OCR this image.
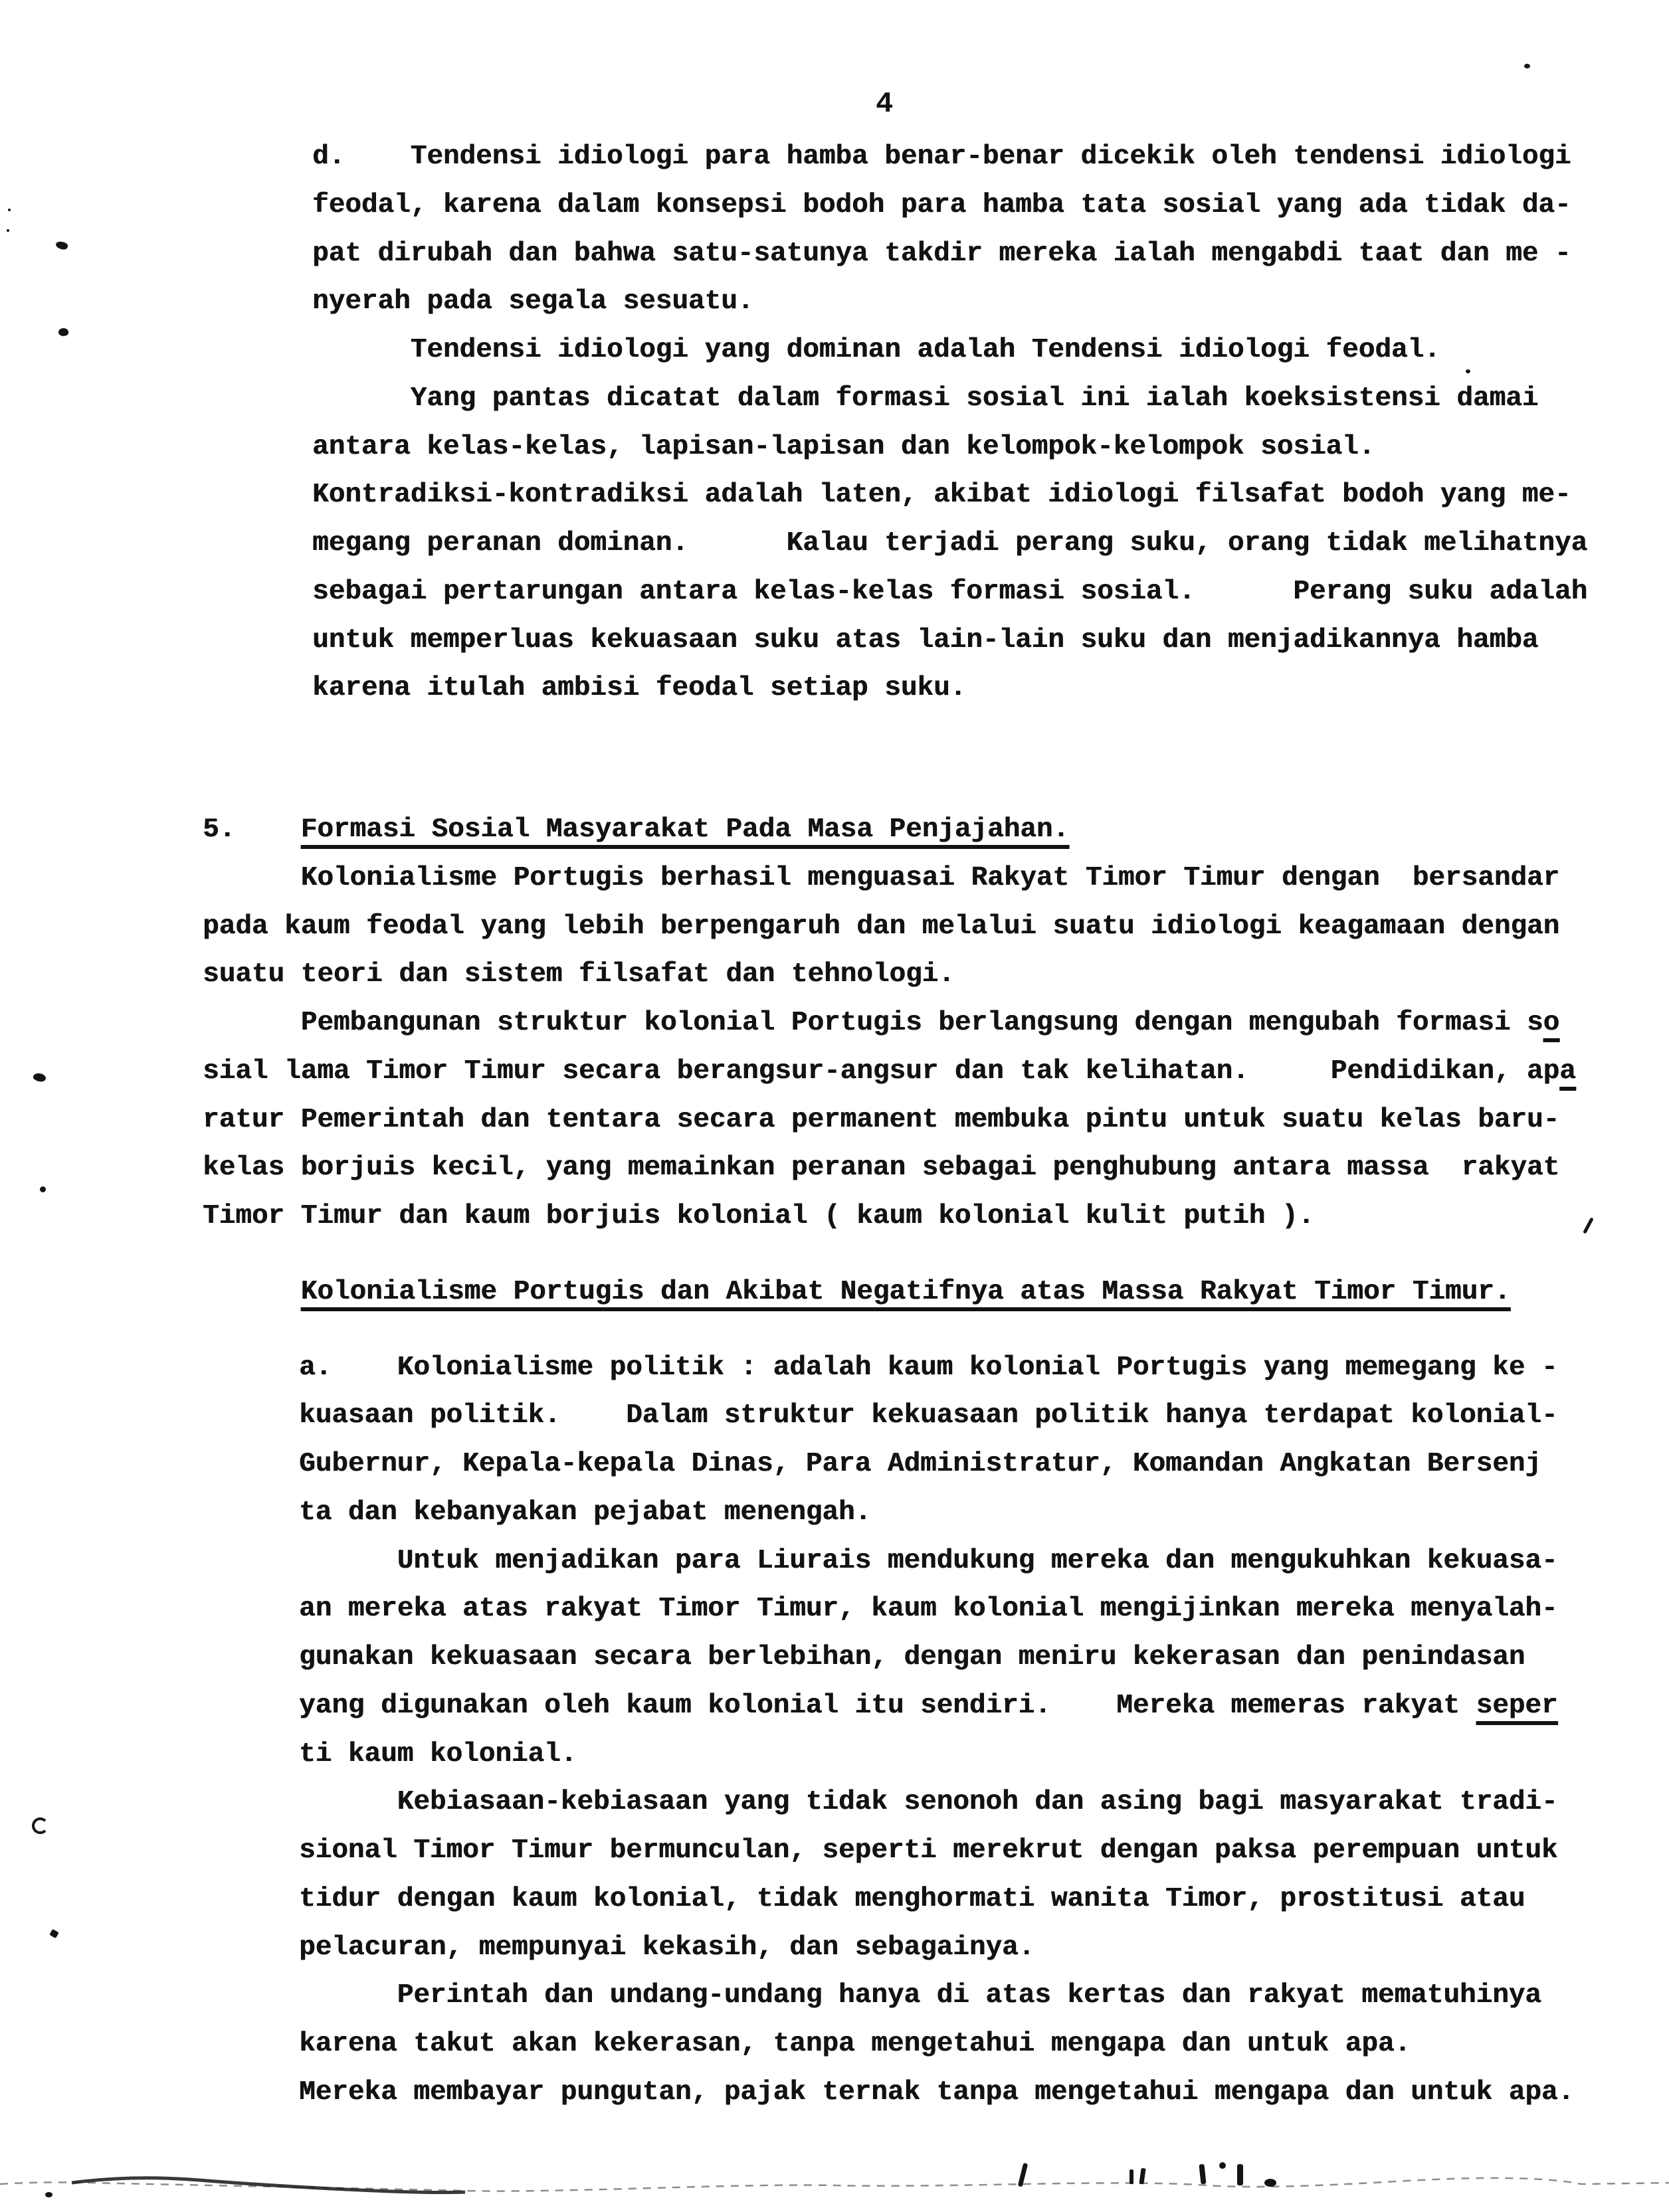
4
d.    Tendensi idiologi para hamba benar-benar dicekik oleh tendensi idiologi
feodal, karena dalam konsepsi bodoh para hamba tata sosial yang ada tidak da-
pat dirubah dan bahwa satu-satunya takdir mereka ialah mengabdi taat dan me -
nyerah pada segala sesuatu.
Tendensi idiologi yang dominan adalah Tendensi idiologi feodal.
Yang pantas dicatat dalam formasi sosial ini ialah koeksistensi damai
antara kelas-kelas, lapisan-lapisan dan kelompok-kelompok sosial.
Kontradiksi-kontradiksi adalah laten, akibat idiologi filsafat bodoh yang me-
megang peranan dominan.      Kalau terjadi perang suku, orang tidak melihatnya
sebagai pertarungan antara kelas-kelas formasi sosial.      Perang suku adalah
untuk memperluas kekuasaan suku atas lain-lain suku dan menjadikannya hamba
karena itulah ambisi feodal setiap suku.
5.    Formasi Sosial Masyarakat Pada Masa Penjajahan.
Kolonialisme Portugis berhasil menguasai Rakyat Timor Timur dengan  bersandar
pada kaum feodal yang lebih berpengaruh dan melalui suatu idiologi keagamaan dengan
suatu teori dan sistem filsafat dan tehnologi.
Pembangunan struktur kolonial Portugis berlangsung dengan mengubah formasi so
sial lama Timor Timur secara berangsur-angsur dan tak kelihatan.     Pendidikan, apa
ratur Pemerintah dan tentara secara permanent membuka pintu untuk suatu kelas baru-
kelas borjuis kecil, yang memainkan peranan sebagai penghubung antara massa  rakyat
Timor Timur dan kaum borjuis kolonial ( kaum kolonial kulit putih ).
Kolonialisme Portugis dan Akibat Negatifnya atas Massa Rakyat Timor Timur.
a.    Kolonialisme politik : adalah kaum kolonial Portugis yang memegang ke -
kuasaan politik.    Dalam struktur kekuasaan politik hanya terdapat kolonial-
Gubernur, Kepala-kepala Dinas, Para Administratur, Komandan Angkatan Bersenj
ta dan kebanyakan pejabat menengah.
Untuk menjadikan para Liurais mendukung mereka dan mengukuhkan kekuasa-
an mereka atas rakyat Timor Timur, kaum kolonial mengijinkan mereka menyalah-
gunakan kekuasaan secara berlebihan, dengan meniru kekerasan dan penindasan
yang digunakan oleh kaum kolonial itu sendiri.    Mereka memeras rakyat seper
ti kaum kolonial.
Kebiasaan-kebiasaan yang tidak senonoh dan asing bagi masyarakat tradi-
sional Timor Timur bermunculan, seperti merekrut dengan paksa perempuan untuk
tidur dengan kaum kolonial, tidak menghormati wanita Timor, prostitusi atau
pelacuran, mempunyai kekasih, dan sebagainya.
Perintah dan undang-undang hanya di atas kertas dan rakyat mematuhinya
karena takut akan kekerasan, tanpa mengetahui mengapa dan untuk apa.
Mereka membayar pungutan, pajak ternak tanpa mengetahui mengapa dan untuk apa.
